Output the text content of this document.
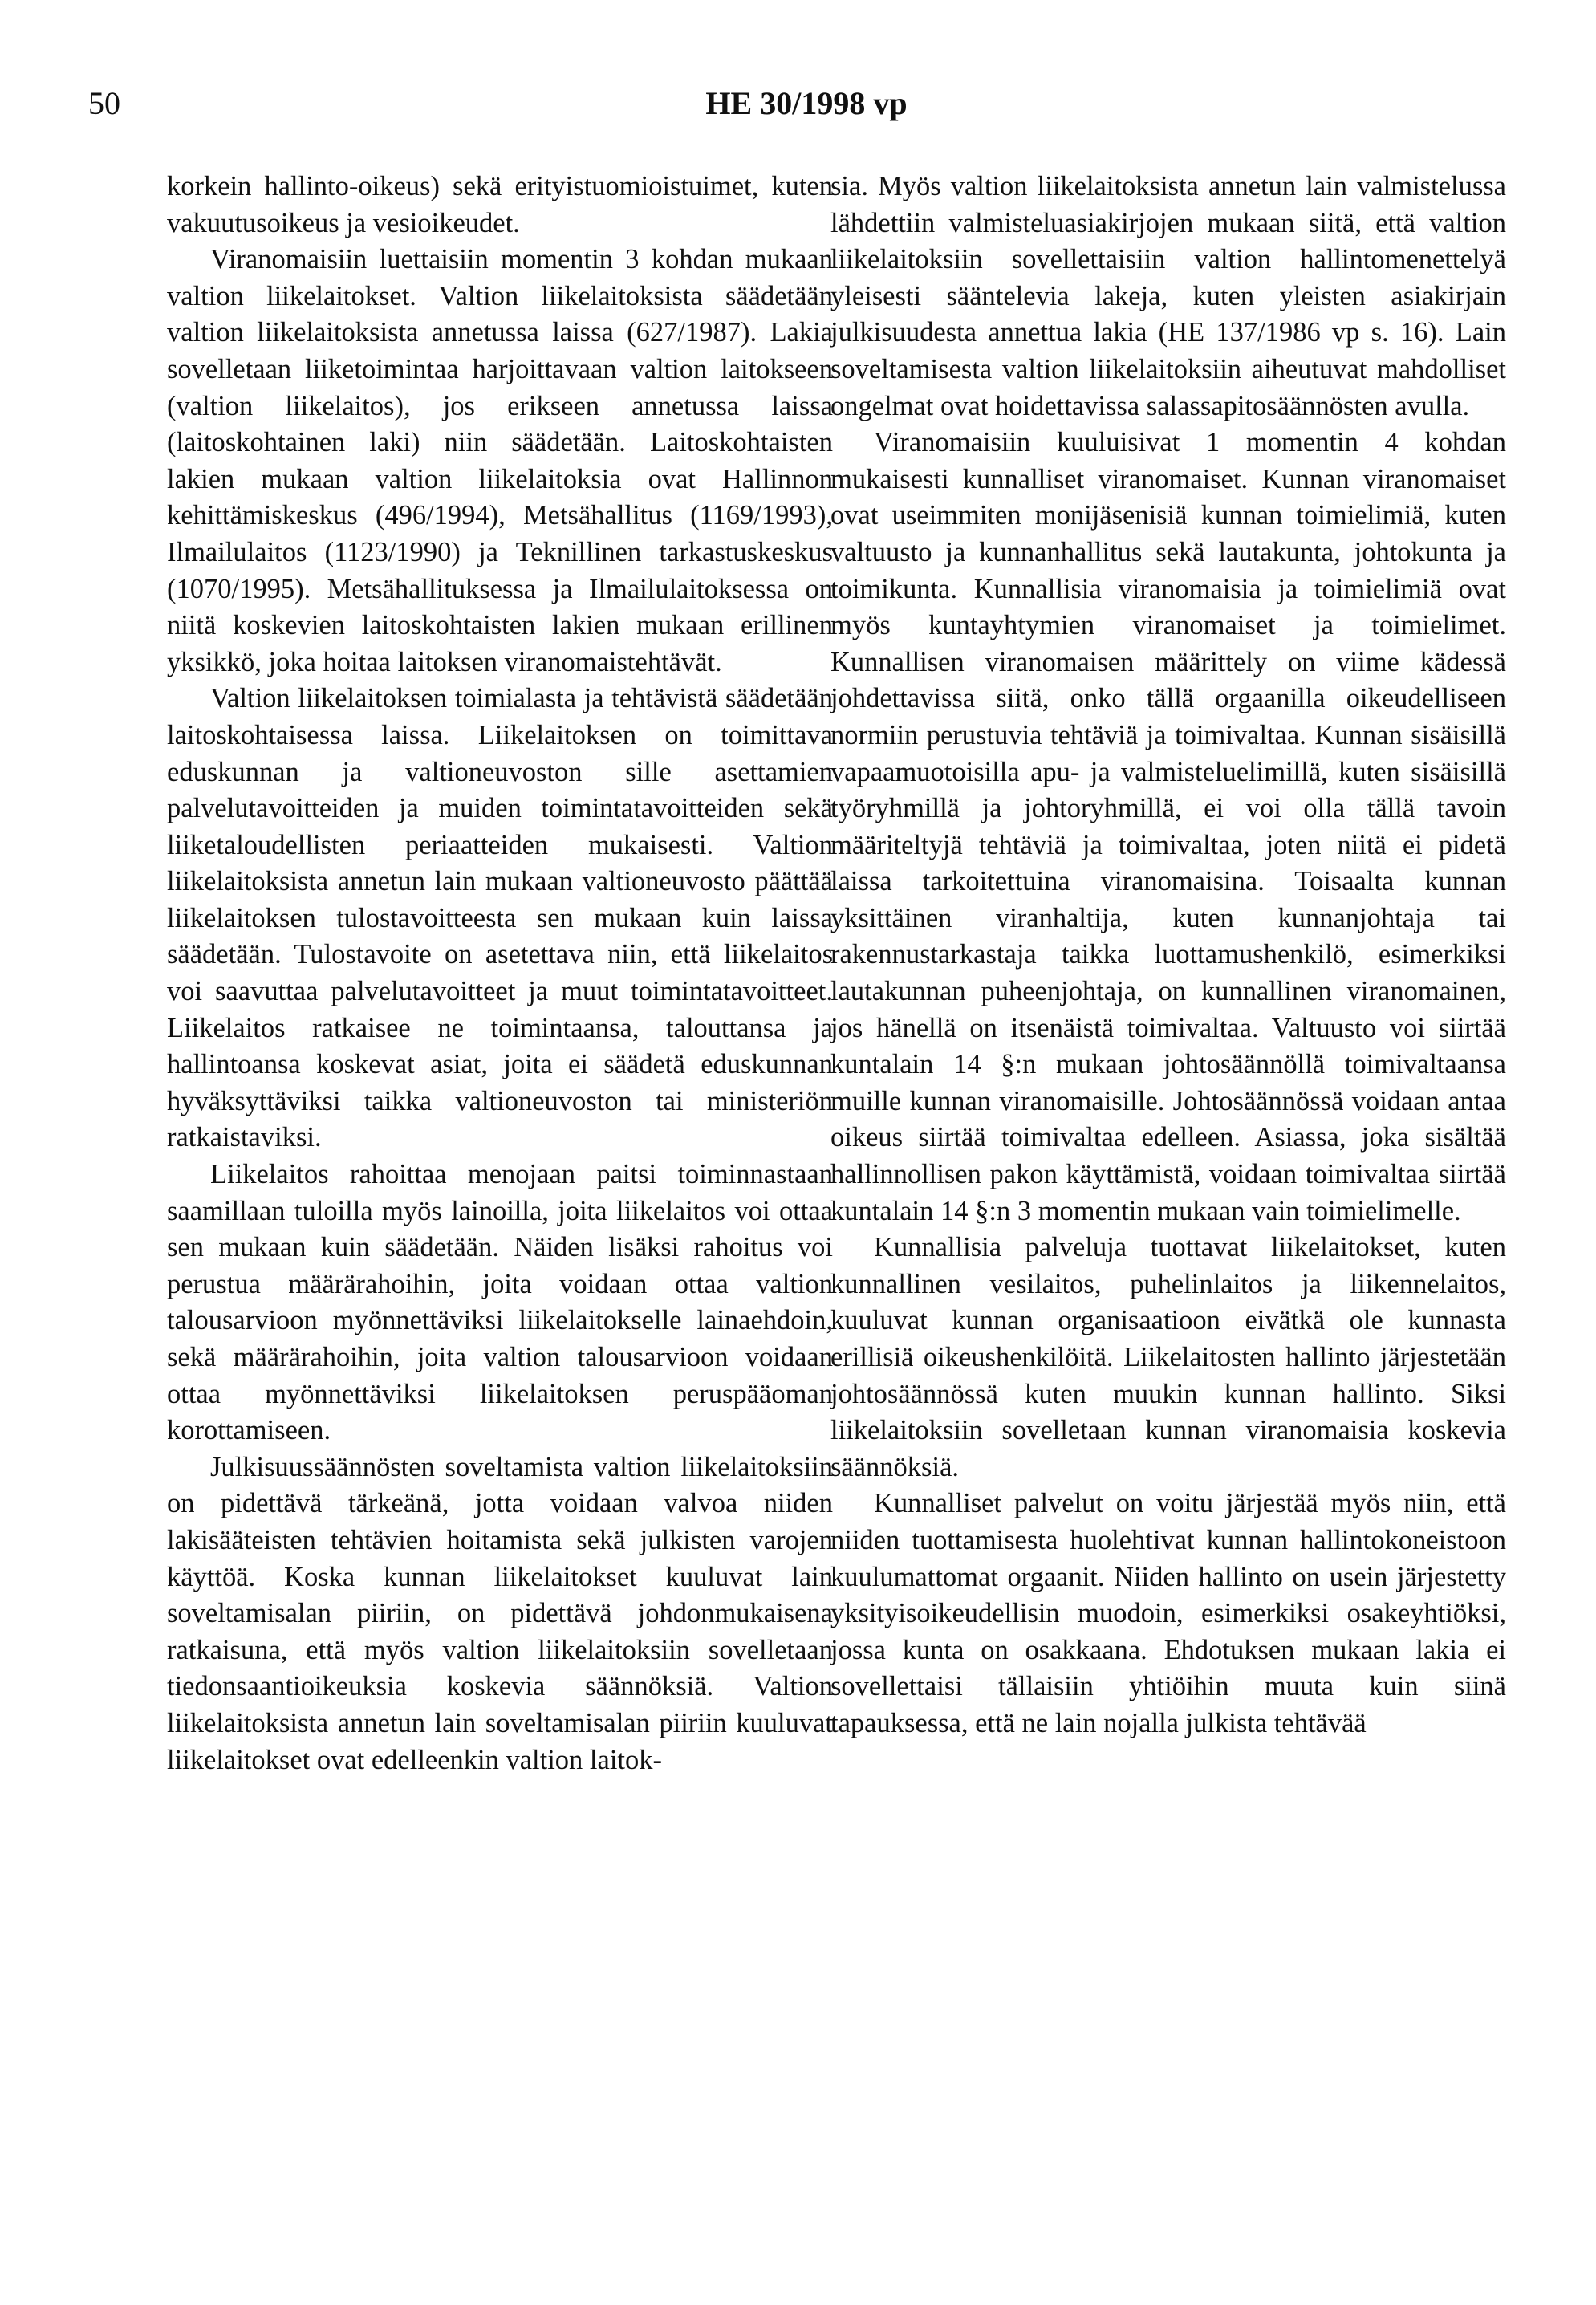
50	HE 30/1998 vp

korkein hallinto-oikeus) sekä erityistuomioistuimet, kuten vakuutusoikeus ja vesioikeudet.

Viranomaisiin luettaisiin momentin 3 kohdan mukaan valtion liikelaitokset. Valtion liikelaitoksista säädetään valtion liikelaitoksista annetussa laissa (627/1987). Lakia sovelletaan liiketoimintaa harjoittavaan valtion laitokseen (valtion liikelaitos), jos erikseen annetussa laissa (laitoskohtainen laki) niin säädetään. Laitoskohtaisten lakien mukaan valtion liikelaitoksia ovat Hallinnon kehittämiskeskus (496/1994), Metsähallitus (1169/1993), Ilmailulaitos (1123/1990) ja Teknillinen tarkastuskeskus (1070/1995). Metsähallituksessa ja Ilmailulaitoksessa on niitä koskevien laitoskohtaisten lakien mukaan erillinen yksikkö, joka hoitaa laitoksen viranomaistehtävät.

Valtion liikelaitoksen toimialasta ja tehtävistä säädetään laitoskohtaisessa laissa. Liikelaitoksen on toimittava eduskunnan ja valtioneuvoston sille asettamien palvelutavoitteiden ja muiden toimintatavoitteiden sekä liiketaloudellisten periaatteiden mukaisesti. Valtion liikelaitoksista annetun lain mukaan valtioneuvosto päättää liikelaitoksen tulostavoitteesta sen mukaan kuin laissa säädetään. Tulostavoite on asetettava niin, että liikelaitos voi saavuttaa palvelutavoitteet ja muut toimintatavoitteet. Liikelaitos ratkaisee ne toimintaansa, talouttansa ja hallintoansa koskevat asiat, joita ei säädetä eduskunnan hyväksyttäviksi taikka valtioneuvoston tai ministeriön ratkaistaviksi.

Liikelaitos rahoittaa menojaan paitsi toiminnastaan saamillaan tuloilla myös lainoilla, joita liikelaitos voi ottaa sen mukaan kuin säädetään. Näiden lisäksi rahoitus voi perustua määrärahoihin, joita voidaan ottaa valtion talousarvioon myönnettäviksi liikelaitokselle lainaehdoin, sekä määrärahoihin, joita valtion talousarvioon voidaan ottaa myönnettäviksi liikelaitoksen peruspääoman korottamiseen.

Julkisuussäännösten soveltamista valtion liikelaitoksiin on pidettävä tärkeänä, jotta voidaan valvoa niiden lakisääteisten tehtävien hoitamista sekä julkisten varojen käyttöä. Koska kunnan liikelaitokset kuuluvat lain soveltamisalan piiriin, on pidettävä johdonmukaisena ratkaisuna, että myös valtion liikelaitoksiin sovelletaan tiedonsaantioikeuksia koskevia säännöksiä. Valtion liikelaitoksista annetun lain soveltamisalan piiriin kuuluvat liikelaitokset ovat edelleenkin valtion laitok-

sia. Myös valtion liikelaitoksista annetun lain valmistelussa lähdettiin valmisteluasiakirjojen mukaan siitä, että valtion liikelaitoksiin sovellettaisiin valtion hallintomenettelyä yleisesti sääntelevia lakeja, kuten yleisten asiakirjain julkisuudesta annettua lakia (HE 137/1986 vp s. 16). Lain soveltamisesta valtion liikelaitoksiin aiheutuvat mahdolliset ongelmat ovat hoidettavissa salassapitosäännösten avulla.

Viranomaisiin kuuluisivat 1 momentin 4 kohdan mukaisesti kunnalliset viranomaiset. Kunnan viranomaiset ovat useimmiten monijäsenisiä kunnan toimielimiä, kuten valtuusto ja kunnanhallitus sekä lautakunta, johtokunta ja toimikunta. Kunnallisia viranomaisia ja toimielimiä ovat myös kuntayhtymien viranomaiset ja toimielimet. Kunnallisen viranomaisen määrittely on viime kädessä johdettavissa siitä, onko tällä orgaanilla oikeudelliseen normiin perustuvia tehtäviä ja toimivaltaa. Kunnan sisäisillä vapaamuotoisilla apu- ja valmisteluelimillä, kuten sisäisillä työryhmillä ja johtoryhmillä, ei voi olla tällä tavoin määriteltyjä tehtäviä ja toimivaltaa, joten niitä ei pidetä laissa tarkoitettuina viranomaisina. Toisaalta kunnan yksittäinen viranhaltija, kuten kunnanjohtaja tai rakennustarkastaja taikka luottamushenkilö, esimerkiksi lautakunnan puheenjohtaja, on kunnallinen viranomainen, jos hänellä on itsenäistä toimivaltaa. Valtuusto voi siirtää kuntalain 14 §:n mukaan johtosäännöllä toimivaltaansa muille kunnan viranomaisille. Johtosäännössä voidaan antaa oikeus siirtää toimivaltaa edelleen. Asiassa, joka sisältää hallinnollisen pakon käyttämistä, voidaan toimivaltaa siirtää kuntalain 14 §:n 3 momentin mukaan vain toimielimelle.

Kunnallisia palveluja tuottavat liikelaitokset, kuten kunnallinen vesilaitos, puhelinlaitos ja liikennelaitos, kuuluvat kunnan organisaatioon eivätkä ole kunnasta erillisiä oikeushenkilöitä. Liikelaitosten hallinto järjestetään johtosäännössä kuten muukin kunnan hallinto. Siksi liikelaitoksiin sovelletaan kunnan viranomaisia koskevia säännöksiä.

Kunnalliset palvelut on voitu järjestää myös niin, että niiden tuottamisesta huolehtivat kunnan hallintokoneistoon kuulumattomat orgaanit. Niiden hallinto on usein järjestetty yksityisoikeudellisin muodoin, esimerkiksi osakeyhtiöksi, jossa kunta on osakkaana. Ehdotuksen mukaan lakia ei sovellettaisi tällaisiin yhtiöihin muuta kuin siinä tapauksessa, että ne lain nojalla julkista tehtävää
